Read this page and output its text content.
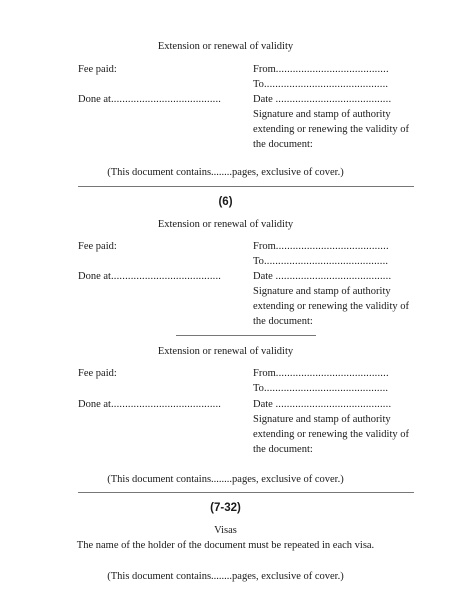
Extension or renewal of validity
Fee paid:	From........................................
To............................................
Done at.......................................	Date .........................................
Signature and stamp of authority
extending or renewing the validity of
the document:
(This document contains........pages, exclusive of cover.)
(6)
Extension or renewal of validity
Fee paid:	From........................................
To............................................
Done at.......................................	Date .........................................
Signature and stamp of authority
extending or renewing the validity of
the document:
Extension or renewal of validity
Fee paid:	From........................................
To............................................
Done at.......................................	Date .........................................
Signature and stamp of authority
extending or renewing the validity of
the document:
(This document contains........pages, exclusive of cover.)
(7-32)
Visas
The name of the holder of the document must be repeated in each visa.
(This document contains........pages, exclusive of cover.)
